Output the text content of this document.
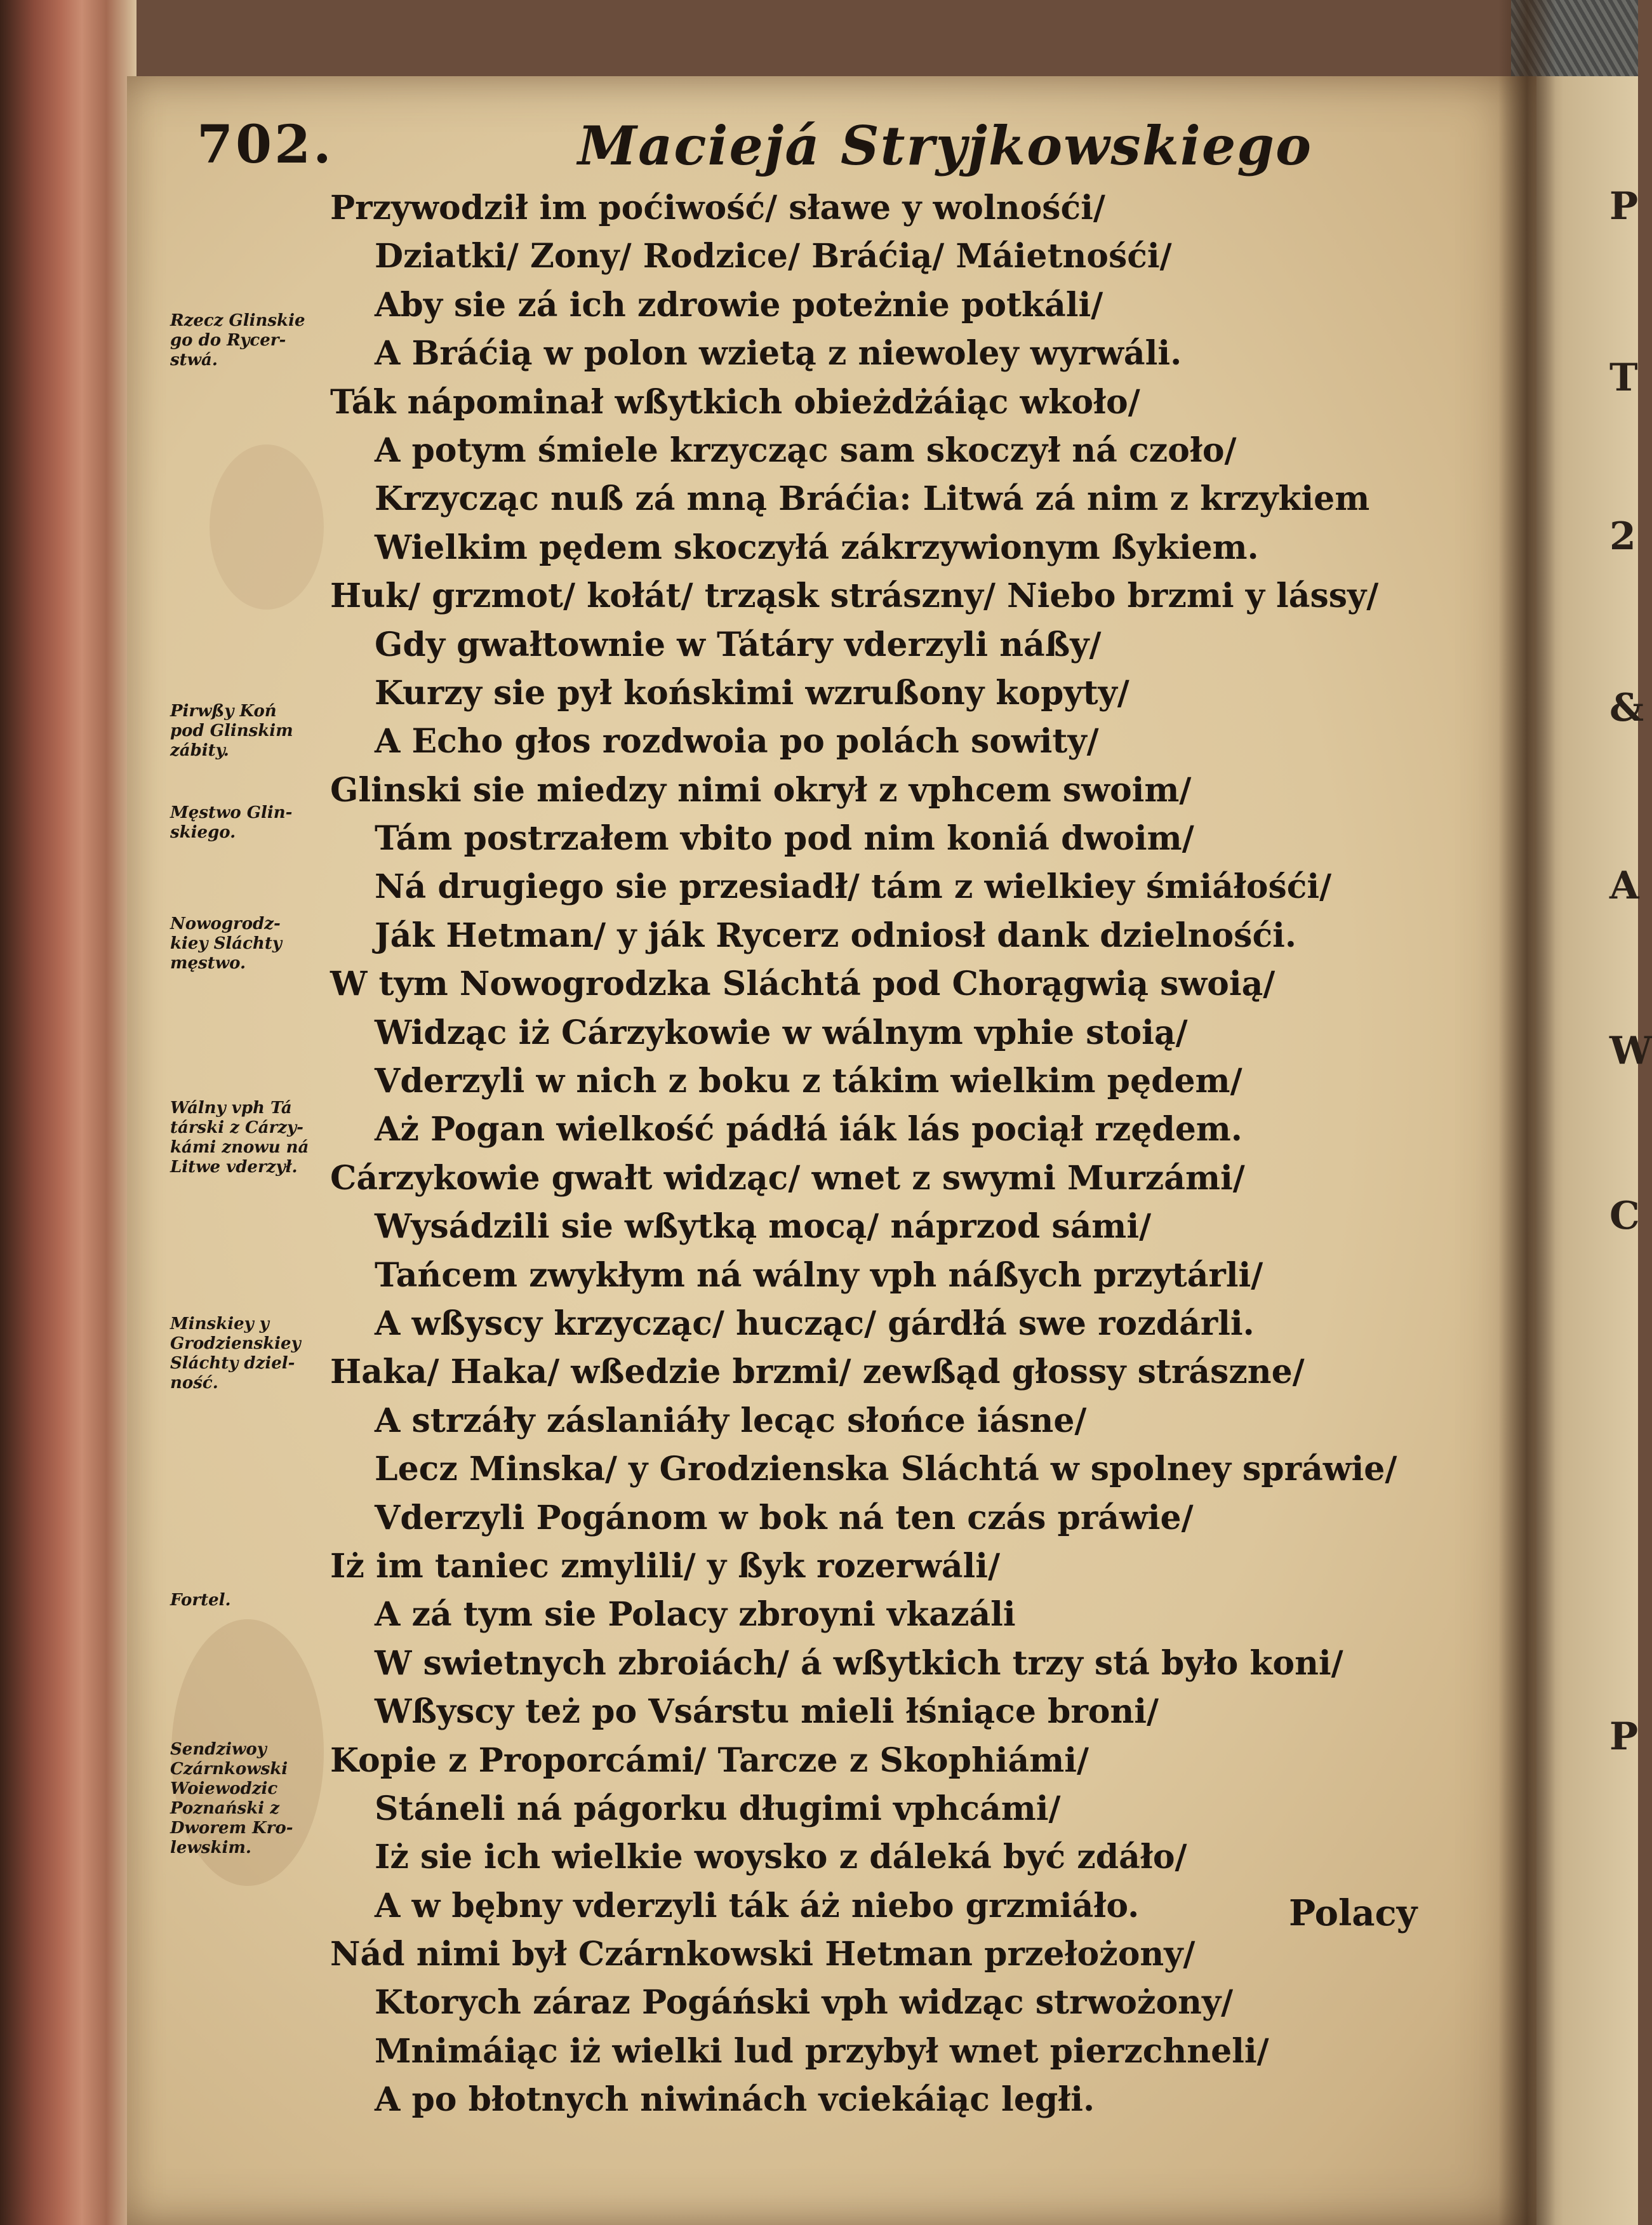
702.	Maciejá Stryjkowskiego
Przywodził im poćiwość/ sławe y wolnośći/
Dziatki/ Zony/ Rodzice/ Bráćią/ Máietnośći/
Aby sie zá ich zdrowie poteżnie potkáli/
A Bráćią w polon wzietą z niewoley wyrwáli.
Ták nápominał wßytkich obieżdżáiąc wkoło/
A potym śmiele krzycząc sam skoczył ná czoło/
Krzycząc nuß zá mną Bráćia: Litwá zá nim z krzykiem
Wielkim pędem skoczyłá zákrzywionym ßykiem.
Huk/ grzmot/ kołát/ trząsk strászny/ Niebo brzmi y lássy/
Gdy gwałtownie w Tátáry vderzyli náßy/
Kurzy sie pył końskimi wzrußony kopyty/
A Echo głos rozdwoia po polách sowity/
Glinski sie miedzy nimi okrył z vphcem swoim/
Tám postrzałem vbito pod nim koniá dwoim/
Ná drugiego sie przesiadł/ tám z wielkiey śmiáłośći/
Ják Hetman/ y ják Rycerz odniosł dank dzielnośći.
W tym Nowogrodzka Sláchtá pod Chorągwią swoią/
Widząc iż Cárzykowie w wálnym vphie stoią/
Vderzyli w nich z boku z tákim wielkim pędem/
Aż Pogan wielkość pádłá iák lás pociął rzędem.
Cárzykowie gwałt widząc/ wnet z swymi Murzámi/
Wysádzili sie wßytką mocą/ náprzod sámi/
Tańcem zwykłym ná wálny vph náßych przytárli/
A wßyscy krzycząc/ hucząc/ gárdłá swe rozdárli.
Haka/ Haka/ wßedzie brzmi/ zewßąd głossy strászne/
A strzáły záslaniáły lecąc słońce iásne/
Lecz Minska/ y Grodzienska Sláchtá w spolney spráwie/
Vderzyli Pogánom w bok ná ten czás práwie/
Iż im taniec zmylili/ y ßyk rozerwáli/
A zá tym sie Polacy zbroyni vkazáli
W swietnych zbroiách/ á wßytkich trzy stá było koni/
Wßyscy też po Vsárstu mieli łśniące broni/
Kopie z Proporcámi/ Tarcze z Skophiámi/
Stáneli ná págorku długimi vphcámi/
Iż sie ich wielkie woysko z dáleká być zdáło/
A w bębny vderzyli ták áż niebo grzmiáło.
Nád nimi był Czárnkowski Hetman przełożony/
Ktorych záraz Pogáński vph widząc strwożony/
Mnimáiąc iż wielki lud przybył wnet pierzchneli/
A po błotnych niwinách vciekáiąc ległi.
Rzecz Glinskie
go do Rycer-
stwá.
Pirwßy Koń
pod Glinskim
zábity.
Męstwo Glin-
skiego.
Nowogrodz-
kiey Sláchty
męstwo.
Wálny vph Tá
társki z Cárzy-
kámi znowu ná
Litwe vderzył.
Minskiey y
Grodzienskiey
Sláchty dziel-
ność.
Fortel.
Sendziwoy
Czárnkowski
Woiewodzic
Poznański z
Dworem Kro-
lewskim.
Polacy
P
T
2
&
A
W
C
P
